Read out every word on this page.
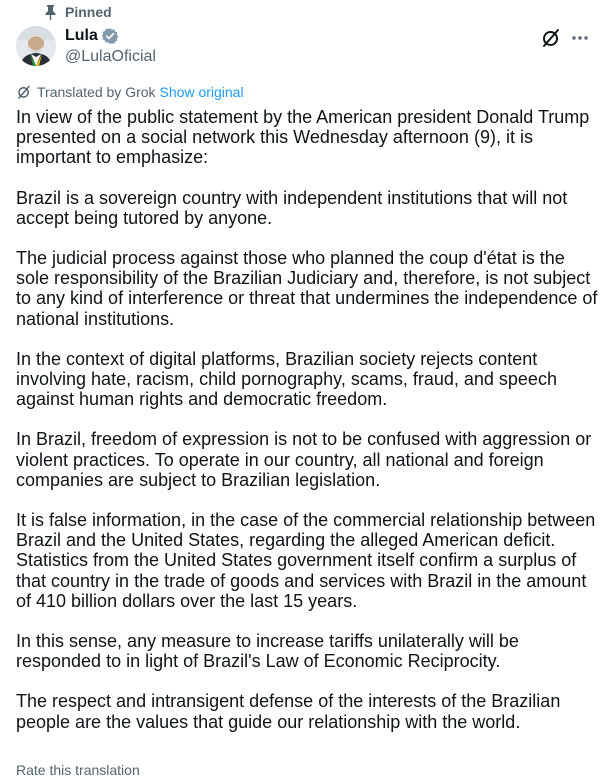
Pinned
Lula
@LulaOficial
Translated by Grok Show original

In view of the public statement by the American president Donald Trump presented on a social network this Wednesday afternoon (9), it is important to emphasize:

Brazil is a sovereign country with independent institutions that will not accept being tutored by anyone.

The judicial process against those who planned the coup d'état is the sole responsibility of the Brazilian Judiciary and, therefore, is not subject to any kind of interference or threat that undermines the independence of national institutions.

In the context of digital platforms, Brazilian society rejects content involving hate, racism, child pornography, scams, fraud, and speech against human rights and democratic freedom.

In Brazil, freedom of expression is not to be confused with aggression or violent practices. To operate in our country, all national and foreign companies are subject to Brazilian legislation.

It is false information, in the case of the commercial relationship between Brazil and the United States, regarding the alleged American deficit. Statistics from the United States government itself confirm a surplus of that country in the trade of goods and services with Brazil in the amount of 410 billion dollars over the last 15 years.

In this sense, any measure to increase tariffs unilaterally will be responded to in light of Brazil's Law of Economic Reciprocity.

The respect and intransigent defense of the interests of the Brazilian people are the values that guide our relationship with the world.

Rate this translation
